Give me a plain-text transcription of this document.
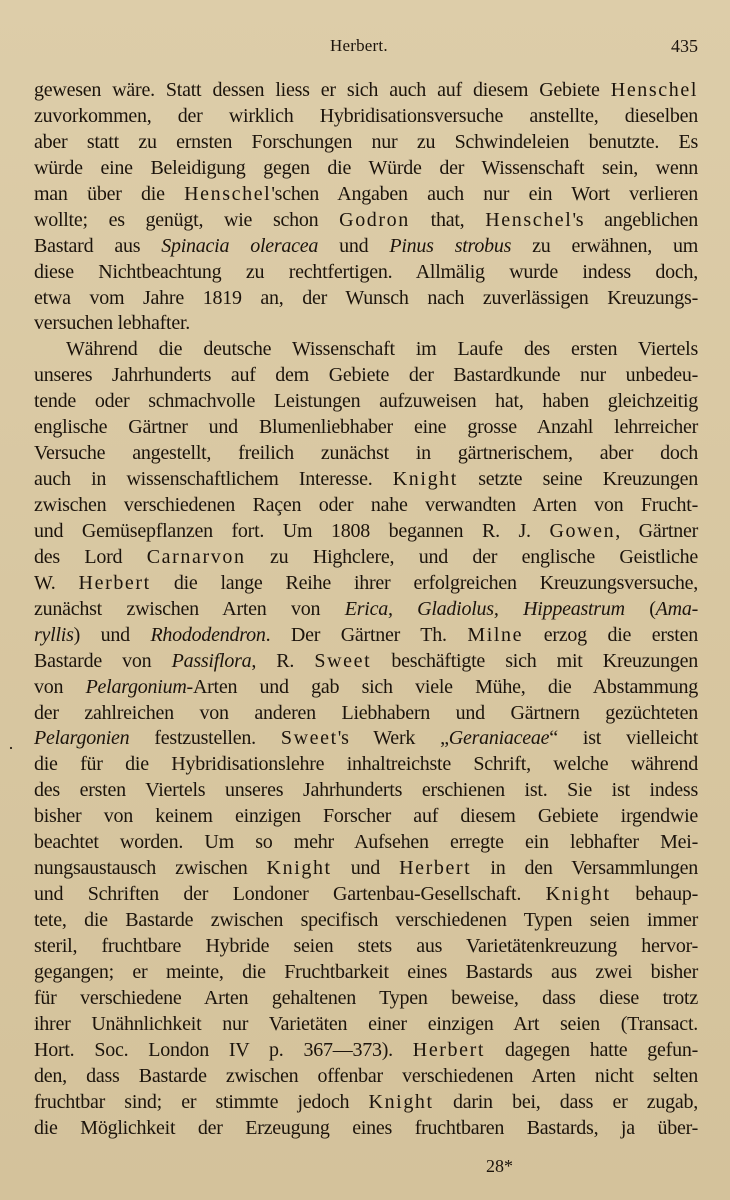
Herbert.	435
gewesen wäre. Statt dessen liess er sich auch auf diesem Gebiete Henschel
zuvorkommen, der wirklich Hybridisationsversuche anstellte, dieselben
aber statt zu ernsten Forschungen nur zu Schwindeleien benutzte. Es
würde eine Beleidigung gegen die Würde der Wissenschaft sein, wenn
man über die Henschel'schen Angaben auch nur ein Wort verlieren
wollte; es genügt, wie schon Godron that, Henschel's angeblichen
Bastard aus Spinacia oleracea und Pinus strobus zu erwähnen, um
diese Nichtbeachtung zu rechtfertigen. Allmälig wurde indess doch,
etwa vom Jahre 1819 an, der Wunsch nach zuverlässigen Kreuzungs-
versuchen lebhafter.
Während die deutsche Wissenschaft im Laufe des ersten Viertels
unseres Jahrhunderts auf dem Gebiete der Bastardkunde nur unbedeu-
tende oder schmachvolle Leistungen aufzuweisen hat, haben gleichzeitig
englische Gärtner und Blumenliebhaber eine grosse Anzahl lehrreicher
Versuche angestellt, freilich zunächst in gärtnerischem, aber doch
auch in wissenschaftlichem Interesse. Knight setzte seine Kreuzungen
zwischen verschiedenen Raçen oder nahe verwandten Arten von Frucht-
und Gemüsepflanzen fort. Um 1808 begannen R. J. Gowen, Gärtner
des Lord Carnarvon zu Highclere, und der englische Geistliche
W. Herbert die lange Reihe ihrer erfolgreichen Kreuzungsversuche,
zunächst zwischen Arten von Erica, Gladiolus, Hippeastrum (Ama-
ryllis) und Rhododendron. Der Gärtner Th. Milne erzog die ersten
Bastarde von Passiflora, R. Sweet beschäftigte sich mit Kreuzungen
von Pelargonium-Arten und gab sich viele Mühe, die Abstammung
der zahlreichen von anderen Liebhabern und Gärtnern gezüchteten
Pelargonien festzustellen. Sweet's Werk „Geraniaceae“ ist vielleicht
die für die Hybridisationslehre inhaltreichste Schrift, welche während
des ersten Viertels unseres Jahrhunderts erschienen ist. Sie ist indess
bisher von keinem einzigen Forscher auf diesem Gebiete irgendwie
beachtet worden. Um so mehr Aufsehen erregte ein lebhafter Mei-
nungsaustausch zwischen Knight und Herbert in den Versammlungen
und Schriften der Londoner Gartenbau-Gesellschaft. Knight behaup-
tete, die Bastarde zwischen specifisch verschiedenen Typen seien immer
steril, fruchtbare Hybride seien stets aus Varietätenkreuzung hervor-
gegangen; er meinte, die Fruchtbarkeit eines Bastards aus zwei bisher
für verschiedene Arten gehaltenen Typen beweise, dass diese trotz
ihrer Unähnlichkeit nur Varietäten einer einzigen Art seien (Transact.
Hort. Soc. London IV p. 367—373). Herbert dagegen hatte gefun-
den, dass Bastarde zwischen offenbar verschiedenen Arten nicht selten
fruchtbar sind; er stimmte jedoch Knight darin bei, dass er zugab,
die Möglichkeit der Erzeugung eines fruchtbaren Bastards, ja über-
·
28*
